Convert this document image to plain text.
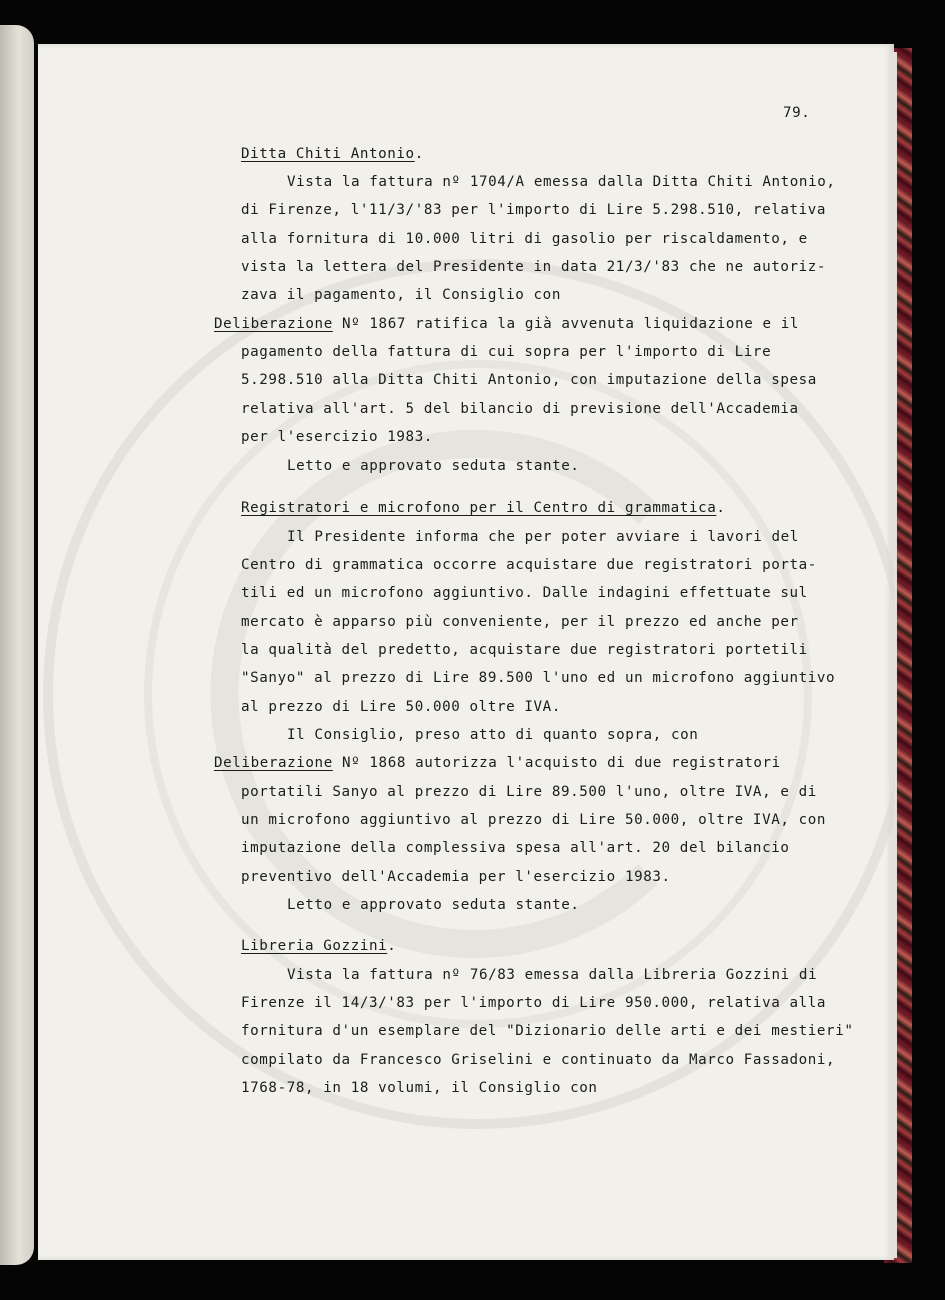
79.
Ditta Chiti Antonio.
Vista la fattura nº 1704/A emessa dalla Ditta Chiti Antonio,
di Firenze, l'11/3/'83 per l'importo di Lire 5.298.510, relativa
alla fornitura di 10.000 litri di gasolio per riscaldamento, e
vista la lettera del Presidente in data 21/3/'83 che ne autoriz-
zava il pagamento, il Consiglio con
Deliberazione Nº 1867 ratifica la già avvenuta liquidazione e il
pagamento della fattura di cui sopra per l'importo di Lire
5.298.510 alla Ditta Chiti Antonio, con imputazione della spesa
relativa all'art. 5 del bilancio di previsione dell'Accademia
per l'esercizio 1983.
Letto e approvato seduta stante.
Registratori e microfono per il Centro di grammatica.
Il Presidente informa che per poter avviare i lavori del
Centro di grammatica occorre acquistare due registratori porta-
tili ed un microfono aggiuntivo. Dalle indagini effettuate sul
mercato è apparso più conveniente, per il prezzo ed anche per
la qualità del predetto, acquistare due registratori portetili
"Sanyo" al prezzo di Lire 89.500 l'uno ed un microfono aggiuntivo
al prezzo di Lire 50.000 oltre IVA.
Il Consiglio, preso atto di quanto sopra, con
Deliberazione Nº 1868 autorizza l'acquisto di due registratori
portatili Sanyo al prezzo di Lire 89.500 l'uno, oltre IVA, e di
un microfono aggiuntivo al prezzo di Lire 50.000, oltre IVA, con
imputazione della complessiva spesa all'art. 20 del bilancio
preventivo dell'Accademia per l'esercizio 1983.
Letto e approvato seduta stante.
Libreria Gozzini.
Vista la fattura nº 76/83 emessa dalla Libreria Gozzini di
Firenze il 14/3/'83 per l'importo di Lire 950.000, relativa alla
fornitura d'un esemplare del "Dizionario delle arti e dei mestieri"
compilato da Francesco Griselini e continuato da Marco Fassadoni,
1768-78, in 18 volumi, il Consiglio con
